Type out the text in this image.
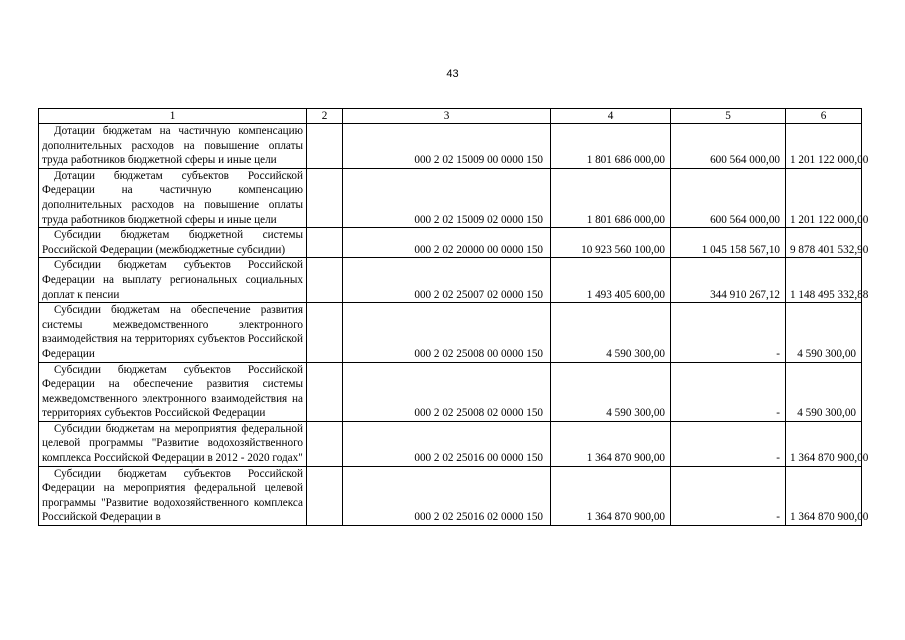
43
1	2	3	4	5	6

Дотации бюджетам на частичную компенсацию дополнительных расходов на повышение оплаты труда работников бюджетной сферы и иные цели		000 2 02 15009 00 0000 150	1 801 686 000,00	600 564 000,00	1 201 122 000,00

Дотации бюджетам субъектов Российской Федерации на частичную компенсацию дополнительных расходов на повышение оплаты труда работников бюджетной сферы и иные цели		000 2 02 15009 02 0000 150	1 801 686 000,00	600 564 000,00	1 201 122 000,00

Субсидии бюджетам бюджетной системы Российской Федерации (межбюджетные субсидии)		000 2 02 20000 00 0000 150	10 923 560 100,00	1 045 158 567,10	9 878 401 532,90

Субсидии бюджетам субъектов Российской Федерации на выплату региональных социальных доплат к пенсии		000 2 02 25007 02 0000 150	1 493 405 600,00	344 910 267,12	1 148 495 332,88

Субсидии бюджетам на обеспечение развития системы межведомственного электронного взаимодействия на территориях субъектов Российской Федерации		000 2 02 25008 00 0000 150	4 590 300,00	-	4 590 300,00

Субсидии бюджетам субъектов Российской Федерации на обеспечение развития системы межведомственного электронного взаимодействия на территориях субъектов Российской Федерации		000 2 02 25008 02 0000 150	4 590 300,00	-	4 590 300,00

Субсидии бюджетам на мероприятия федеральной целевой программы "Развитие водохозяйственного комплекса Российской Федерации в 2012 - 2020 годах"		000 2 02 25016 00 0000 150	1 364 870 900,00	-	1 364 870 900,00

Субсидии бюджетам субъектов Российской Федерации на мероприятия федеральной целевой программы "Развитие водохозяйственного комплекса Российской Федерации в		000 2 02 25016 02 0000 150	1 364 870 900,00	-	1 364 870 900,00
